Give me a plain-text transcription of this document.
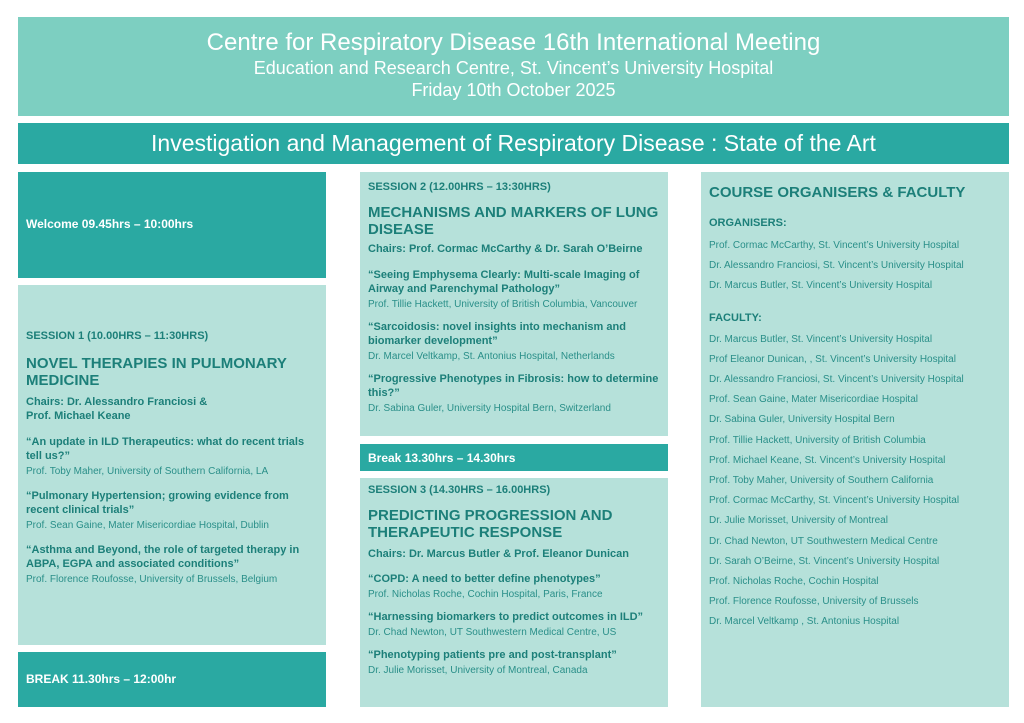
Centre for Respiratory Disease 16th International Meeting
Education and Research Centre, St. Vincent’s University Hospital
Friday 10th October 2025
Investigation and Management of Respiratory Disease : State of the Art
Welcome 09.45hrs – 10:00hrs
SESSION 1 (10.00HRS – 11:30HRS)
NOVEL THERAPIES IN PULMONARY MEDICINE
Chairs: Dr. Alessandro Franciosi &
Prof. Michael Keane
“An update in ILD Therapeutics: what do recent trials tell us?”
Prof. Toby Maher, University of Southern California, LA
“Pulmonary Hypertension; growing evidence from recent clinical trials”
Prof. Sean Gaine, Mater Misericordiae Hospital, Dublin
“Asthma and Beyond, the role of targeted therapy in ABPA, EGPA and associated conditions”
Prof. Florence Roufosse, University of Brussels, Belgium
BREAK 11.30hrs – 12:00hr
SESSION 2 (12.00HRS – 13:30HRS)
MECHANISMS AND MARKERS OF LUNG DISEASE
Chairs: Prof. Cormac McCarthy & Dr. Sarah O’Beirne
“Seeing Emphysema Clearly: Multi-scale Imaging of Airway and Parenchymal Pathology”
Prof. Tillie Hackett, University of British Columbia, Vancouver
“Sarcoidosis: novel insights into mechanism and biomarker development”
Dr. Marcel Veltkamp, St. Antonius Hospital, Netherlands
“Progressive Phenotypes in Fibrosis: how to determine this?”
Dr. Sabina Guler, University Hospital Bern, Switzerland
Break 13.30hrs – 14.30hrs
SESSION 3 (14.30HRS – 16.00HRS)
PREDICTING PROGRESSION AND THERAPEUTIC RESPONSE
Chairs: Dr. Marcus Butler & Prof. Eleanor Dunican
“COPD: A need to better define phenotypes”
Prof. Nicholas Roche, Cochin Hospital, Paris, France
“Harnessing biomarkers to predict outcomes in ILD”
Dr. Chad Newton, UT Southwestern Medical Centre, US
“Phenotyping patients pre and post-transplant”
Dr. Julie Morisset, University of Montreal, Canada
COURSE ORGANISERS & FACULTY
ORGANISERS:
Prof. Cormac McCarthy, St. Vincent’s University Hospital
Dr. Alessandro Franciosi, St. Vincent’s University Hospital
Dr. Marcus Butler, St. Vincent’s University Hospital
FACULTY:
Dr. Marcus Butler, St. Vincent’s University Hospital
Prof Eleanor Dunican, , St. Vincent’s University Hospital
Dr. Alessandro Franciosi, St. Vincent’s University Hospital
Prof. Sean Gaine, Mater Misericordiae Hospital
Dr. Sabina Guler, University Hospital Bern
Prof. Tillie Hackett, University of British Columbia
Prof. Michael Keane, St. Vincent’s University Hospital
Prof. Toby Maher, University of Southern California
Prof. Cormac McCarthy, St. Vincent’s University Hospital
Dr. Julie Morisset, University of Montreal
Dr. Chad Newton, UT Southwestern Medical Centre
Dr. Sarah O’Beirne, St. Vincent’s University Hospital
Prof. Nicholas Roche, Cochin Hospital
Prof. Florence Roufosse, University of Brussels
Dr. Marcel Veltkamp , St. Antonius Hospital
